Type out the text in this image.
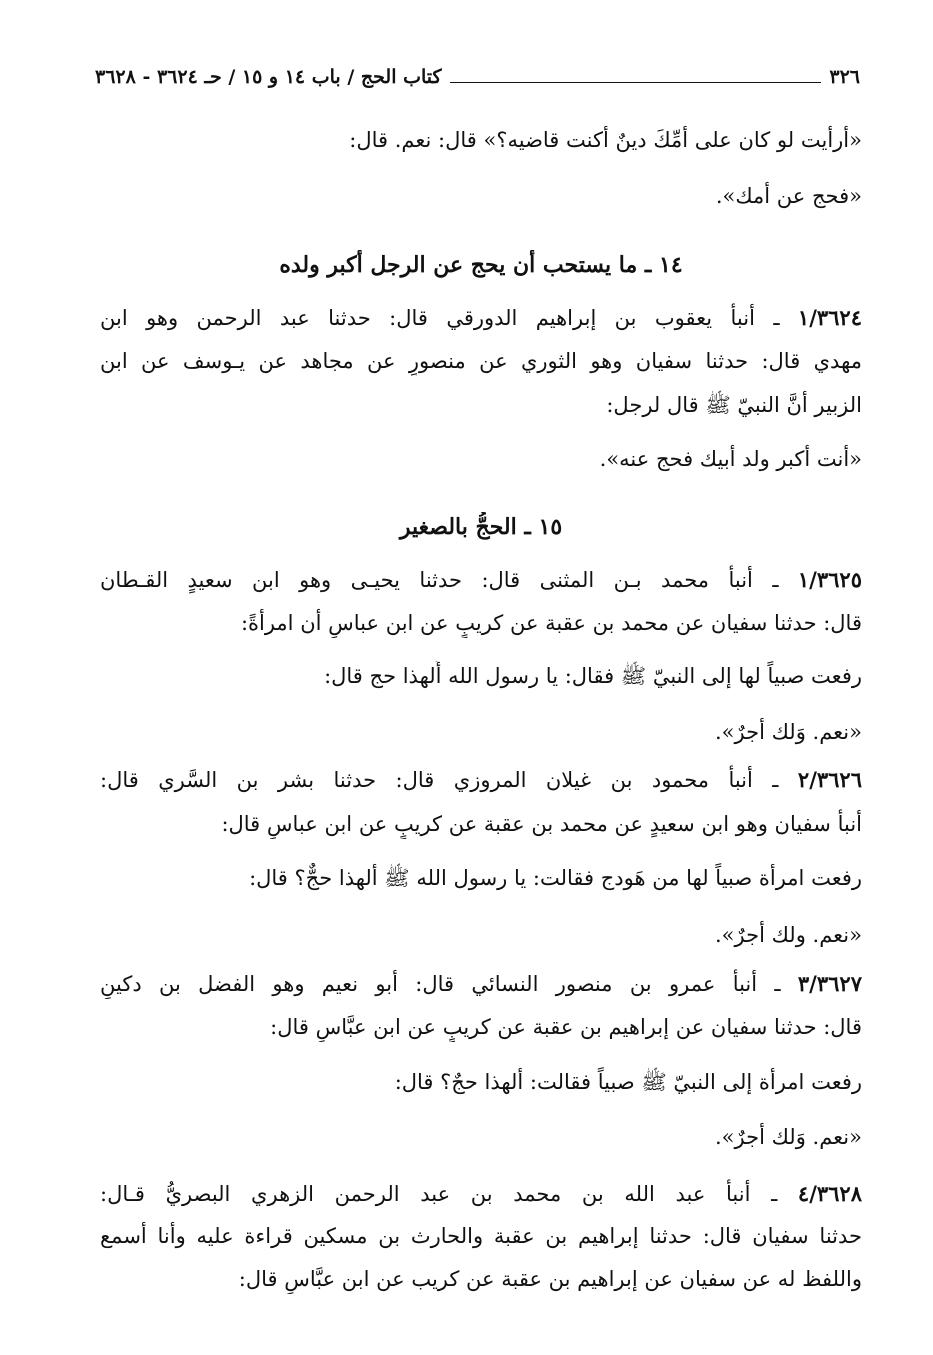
٣٢٦
كتاب الحج / باب ١٤ و ١٥ / حـ ٣٦٢٤ - ٣٦٢٨
«أرأيت لو كان على أمِّكَ دينٌ أكنت قاضيه؟» قال: نعم. قال:
«فحج عن أمك».
١٤ ـ ما يستحب أن يحج عن الرجل أكبر ولده
١/٣٦٢٤ ـ أنبأ يعقوب بن إبراهيم الدورقي قال: حدثنا عبد الرحمن وهو ابن
مهدي قال: حدثنا سفيان وهو الثوري عن منصورٍ عن مجاهد عن يـوسف عن ابن
الزبير أنَّ النبيّ ﷺ قال لرجل:
«أنت أكبر ولد أبيك فحج عنه».
١٥ ـ الحجُّ بالصغير
١/٣٦٢٥ ـ أنبأ محمد بـن المثنى قال: حدثنا يحيـى وهو ابن سعيدٍ القـطان
قال: حدثنا سفيان عن محمد بن عقبة عن كريبٍ عن ابن عباسٍ أن امرأةً:
رفعت صبياً لها إلى النبيّ ﷺ فقال: يا رسول الله أَلهذا حج قال:
«نعم. وَلك أجرٌ».
٢/٣٦٢٦ ـ أنبأ محمود بن غيلان المروزي قال: حدثنا بشر بن السَّري قال:
أنبأ سفيان وهو ابن سعيدٍ عن محمد بن عقبة عن كريبٍ عن ابن عباسٍ قال:
رفعت امرأة صبياً لها من هَودج فقالت: يا رسول الله ﷺ ألهذا حجٌّ؟ قال:
«نعم. ولك أجرٌ».
٣/٣٦٢٧ ـ أنبأ عمرو بن منصور النسائي قال: أبو نعيم وهو الفضل بن دكينٍ
قال: حدثنا سفيان عن إبراهيم بن عقبة عن كريبٍ عن ابن عبَّاسٍ قال:
رفعت امرأة إلى النبيّ ﷺ صبياً فقالت: ألهذا حجٌ؟ قال:
«نعم. وَلك أجرٌ».
٤/٣٦٢٨ ـ أنبأ عبد الله بن محمد بن عبد الرحمن الزهري البصريُّ قـال:
حدثنا سفيان قال: حدثنا إبراهيم بن عقبة والحارث بن مسكين قراءة عليه وأنا أسمع
واللفظ له عن سفيان عن إبراهيم بن عقبة عن كريب عن ابن عبَّاسٍ قال:
